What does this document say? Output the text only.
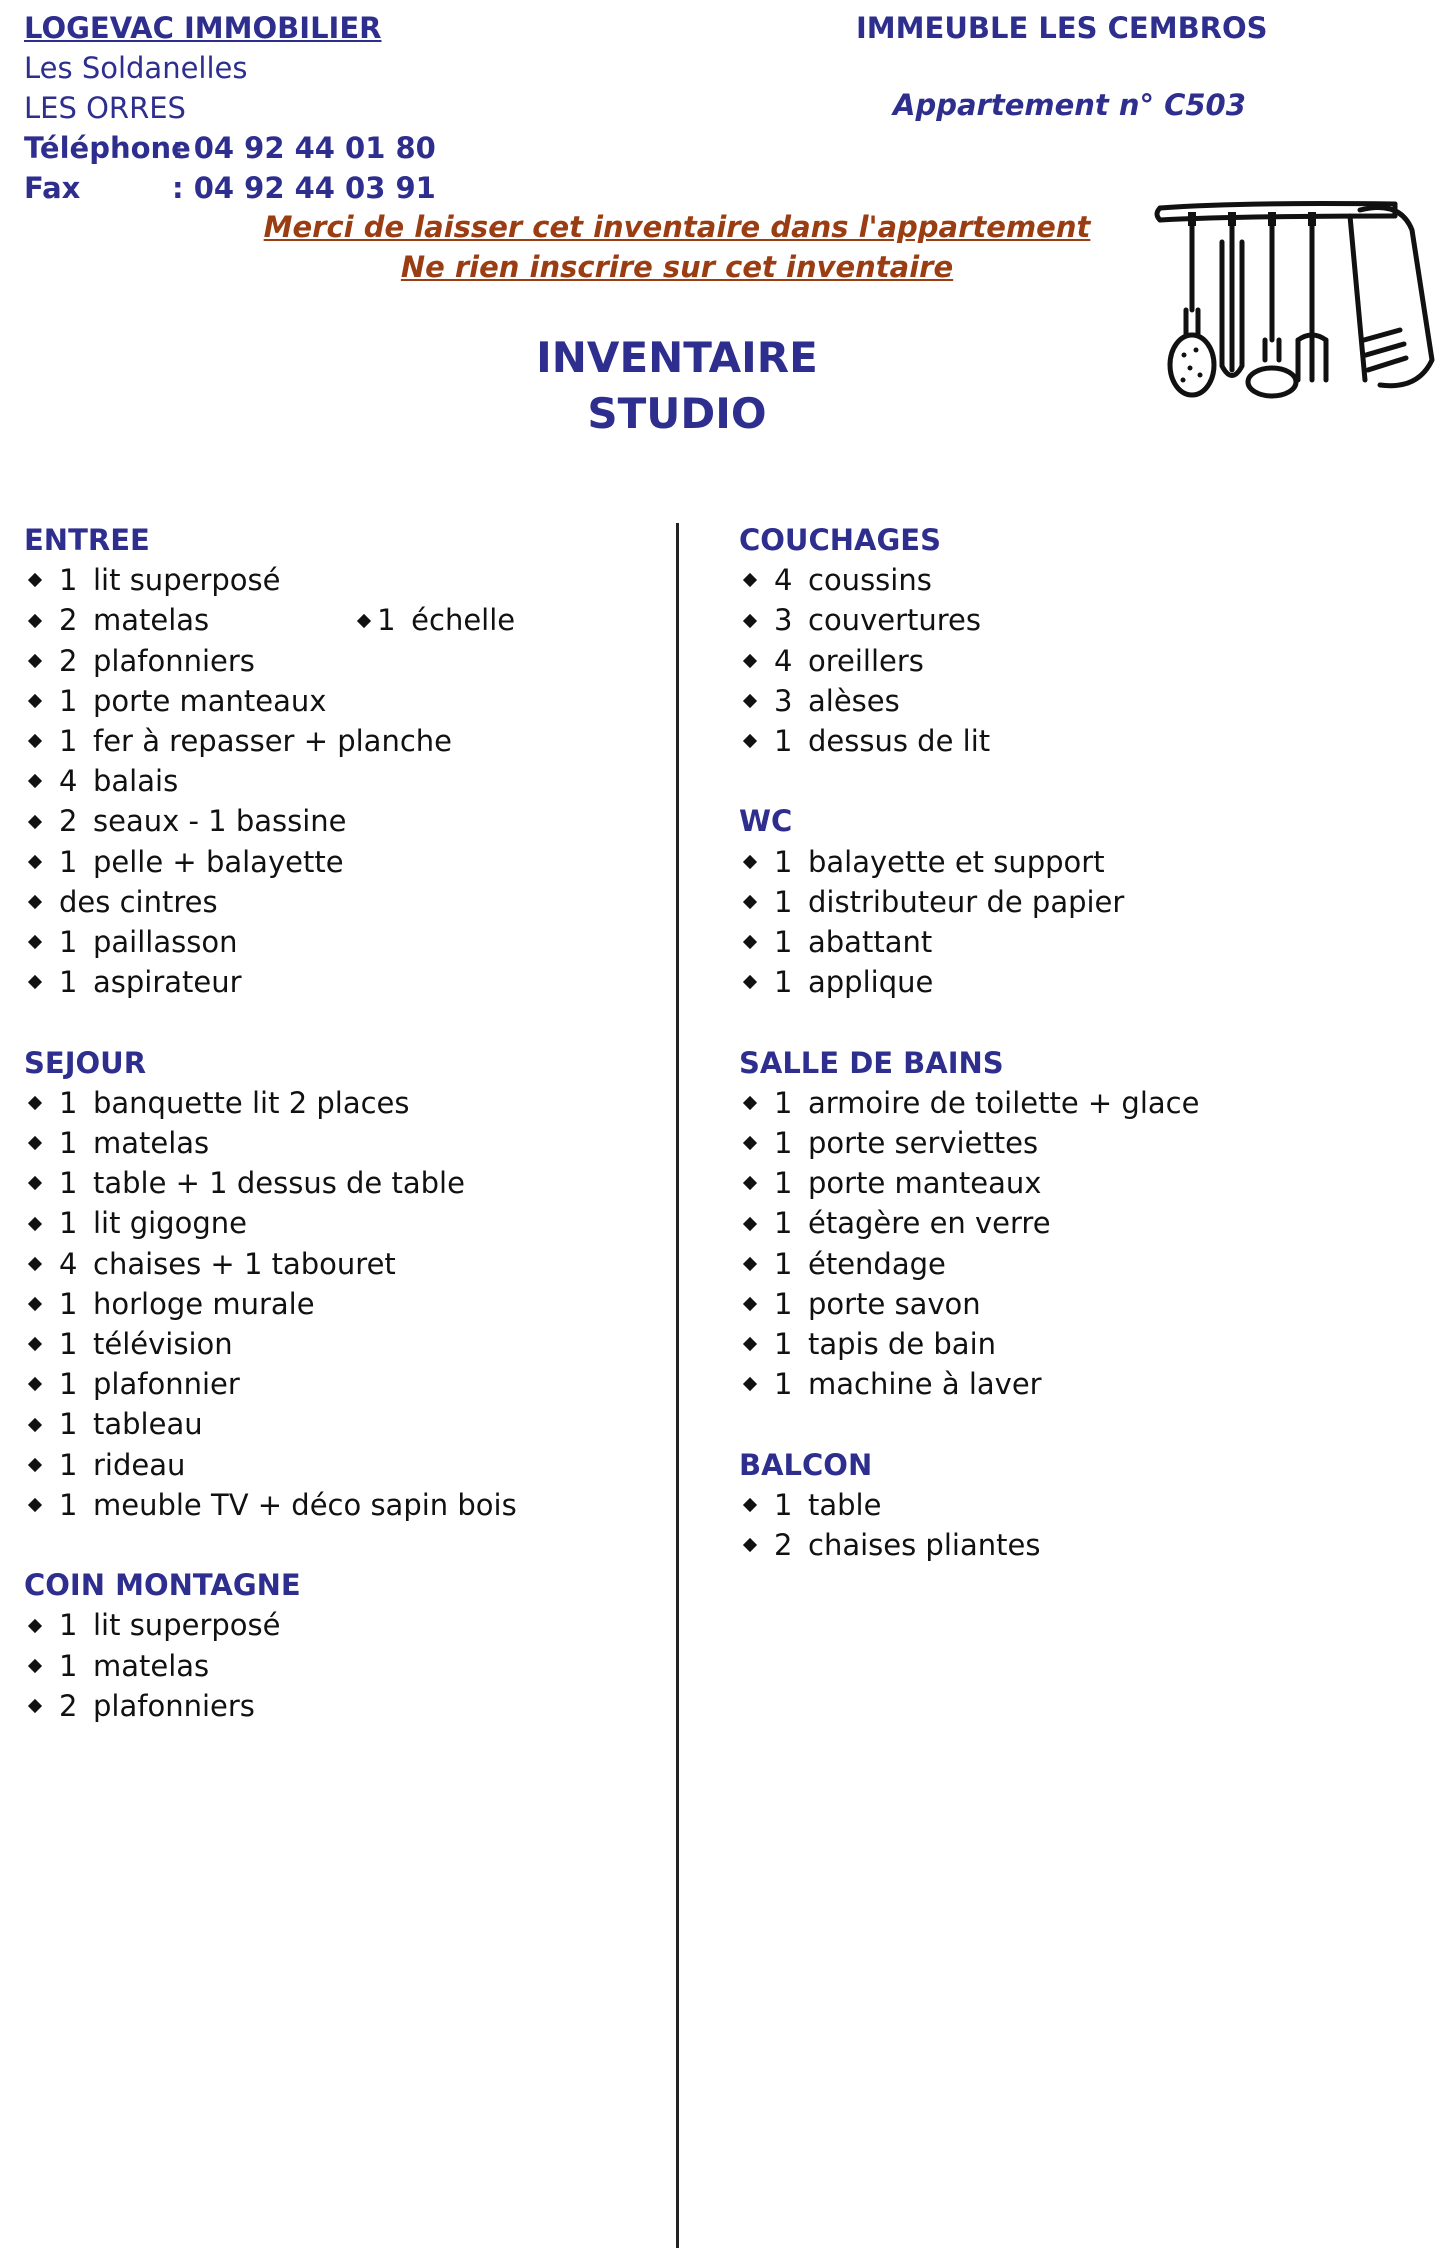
LOGEVAC IMMOBILIER
Les Soldanelles
LES ORRES
Téléphone
: 04 92 44 01 80
Fax	: 04 92 44 03 91
IMMEUBLE LES CEMBROS
Appartement n° C503
Merci de laisser cet inventaire dans l'appartement
Ne rien inscrire sur cet inventaire
INVENTAIRE
STUDIO
ENTREE
1 lit superposé
2 matelas	1 échelle
2 plafonniers
1 porte manteaux
1 fer à repasser + planche
4 balais
2 seaux - 1 bassine
1 pelle + balayette
des cintres
1 paillasson
1 aspirateur
SEJOUR
1 banquette lit 2 places
1 matelas
1 table + 1 dessus de table
1 lit gigogne
4 chaises + 1 tabouret
1 horloge murale
1 télévision
1 plafonnier
1 tableau
1 rideau
1 meuble TV + déco sapin bois
COIN MONTAGNE
1 lit superposé
1 matelas
2 plafonniers
COUCHAGES
4 coussins
3 couvertures
4 oreillers
3 alèses
1 dessus de lit
WC
1 balayette et support
1 distributeur de papier
1 abattant
1 applique
SALLE DE BAINS
1 armoire de toilette + glace
1 porte serviettes
1 porte manteaux
1 étagère en verre
1 étendage
1 porte savon
1 tapis de bain
1 machine à laver
BALCON
1 table
2 chaises pliantes
